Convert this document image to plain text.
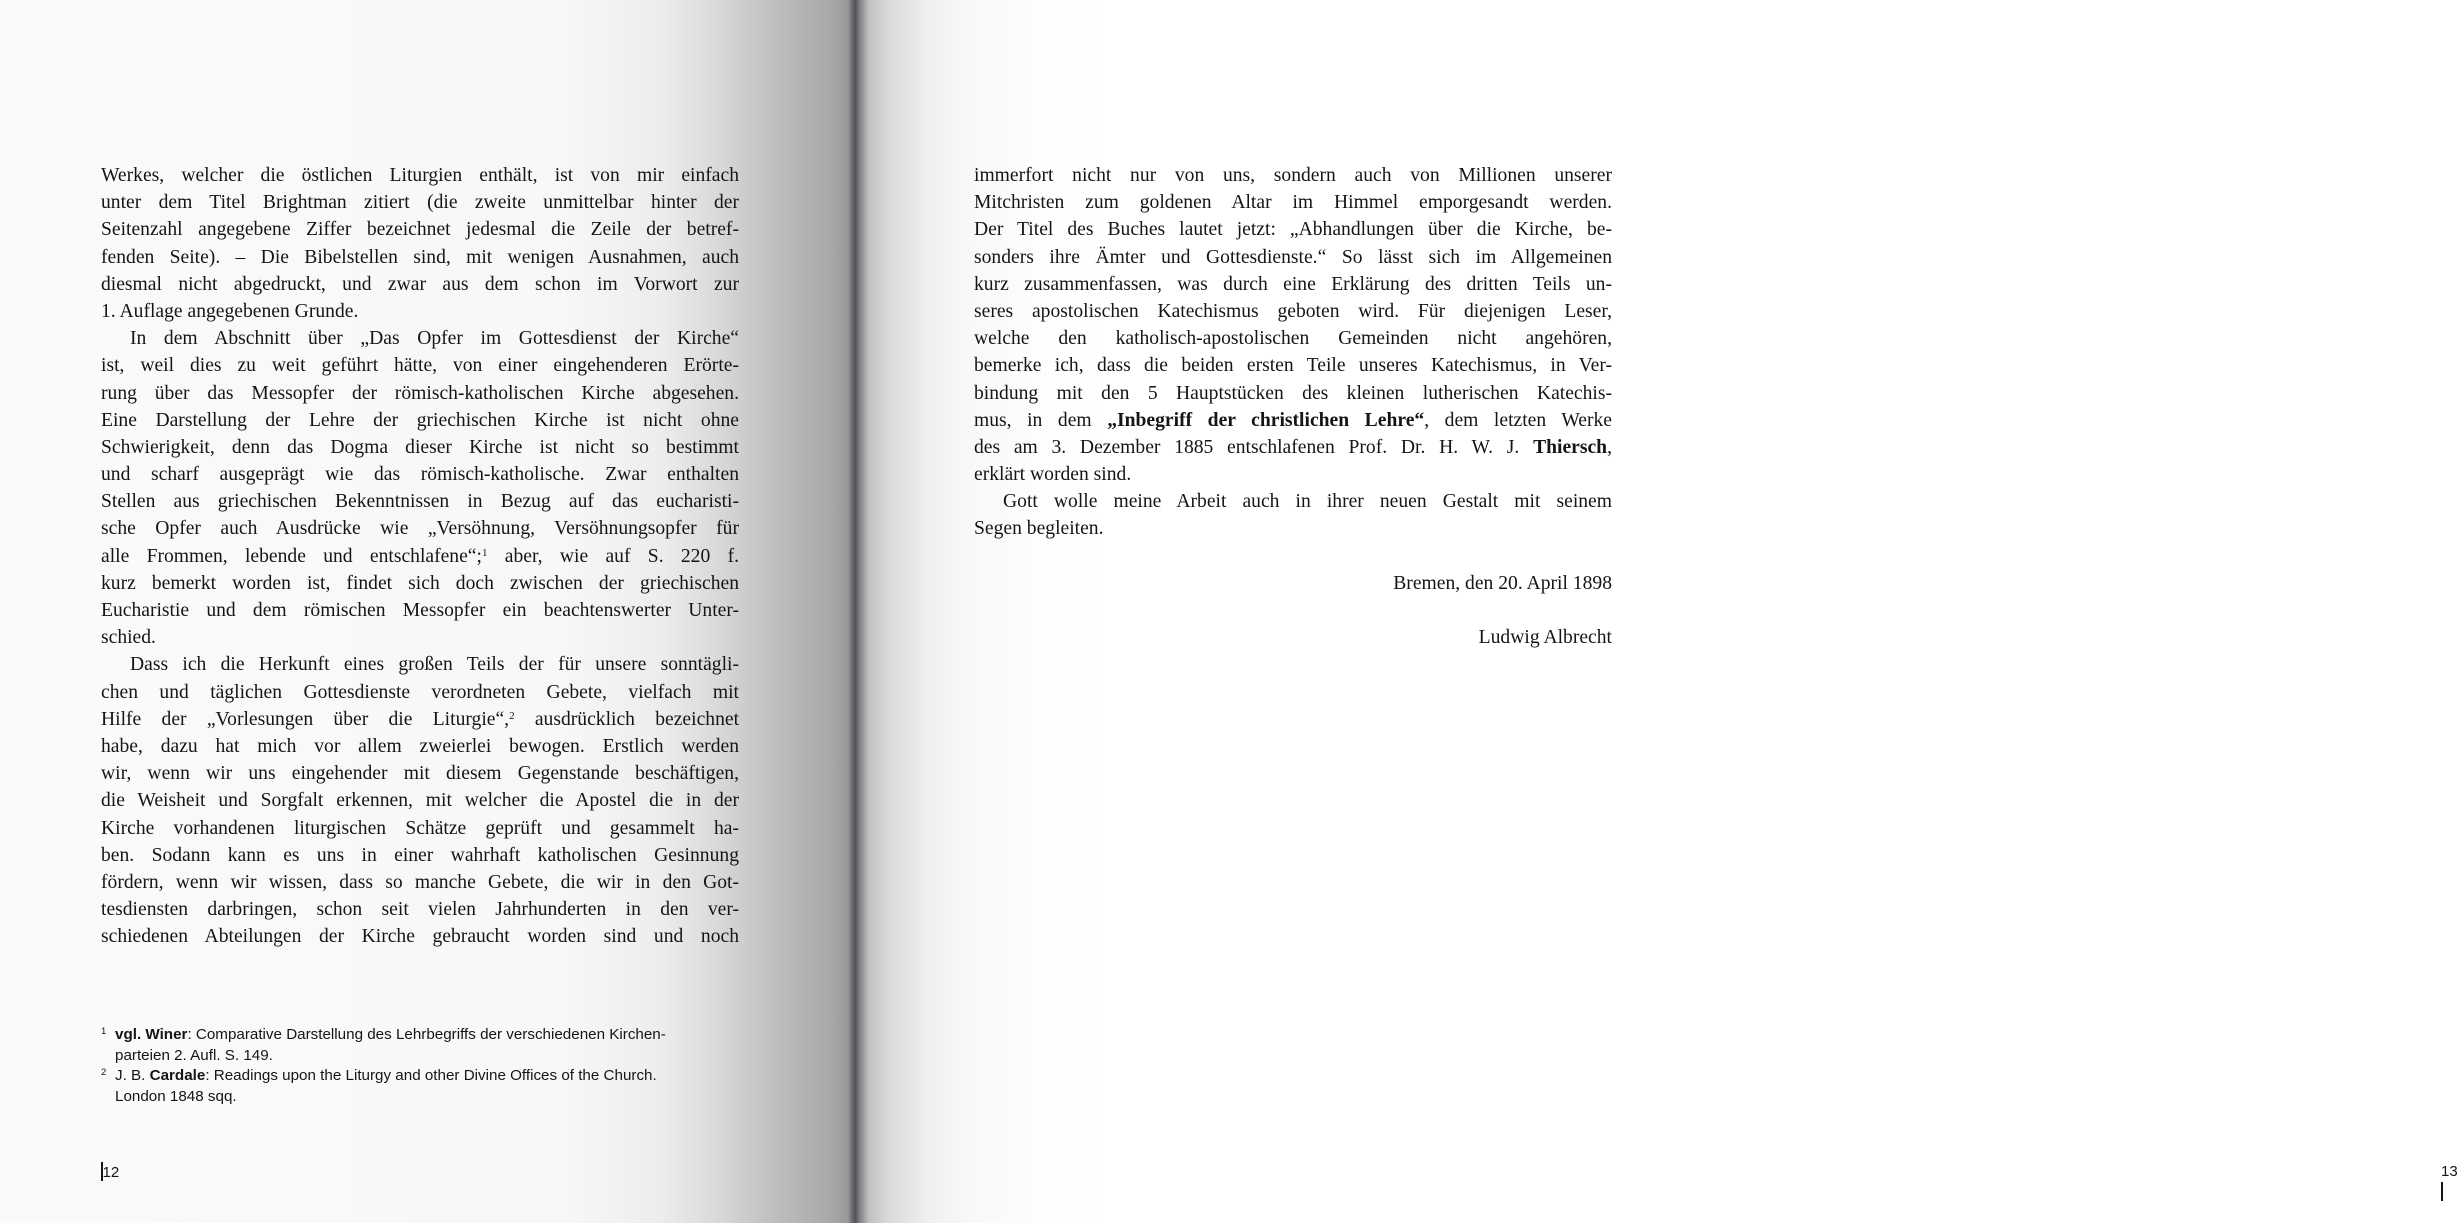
Werkes, welcher die östlichen Liturgien enthält, ist von mir einfach
unter dem Titel Brightman zitiert (die zweite unmittelbar hinter der
Seitenzahl angegebene Ziffer bezeichnet jedesmal die Zeile der betref-
fenden Seite). – Die Bibelstellen sind, mit wenigen Ausnahmen, auch
diesmal nicht abgedruckt, und zwar aus dem schon im Vorwort zur
1. Auflage angegebenen Grunde.
In dem Abschnitt über „Das Opfer im Gottesdienst der Kirche“
ist, weil dies zu weit geführt hätte, von einer eingehenderen Erörte-
rung über das Messopfer der römisch-katholischen Kirche abgesehen.
Eine Darstellung der Lehre der griechischen Kirche ist nicht ohne
Schwierigkeit, denn das Dogma dieser Kirche ist nicht so bestimmt
und scharf ausgeprägt wie das römisch-katholische. Zwar enthalten
Stellen aus griechischen Bekenntnissen in Bezug auf das eucharisti-
sche Opfer auch Ausdrücke wie „Versöhnung, Versöhnungsopfer für
alle Frommen, lebende und entschlafene“;$^1$ aber, wie auf S. 220 f.
kurz bemerkt worden ist, findet sich doch zwischen der griechischen
Eucharistie und dem römischen Messopfer ein beachtenswerter Unter-
schied.
Dass ich die Herkunft eines großen Teils der für unsere sonntägli-
chen und täglichen Gottesdienste verordneten Gebete, vielfach mit
Hilfe der „Vorlesungen über die Liturgie“,$^2$ ausdrücklich bezeichnet
habe, dazu hat mich vor allem zweierlei bewogen. Erstlich werden
wir, wenn wir uns eingehender mit diesem Gegenstande beschäftigen,
die Weisheit und Sorgfalt erkennen, mit welcher die Apostel die in der
Kirche vorhandenen liturgischen Schätze geprüft und gesammelt ha-
ben. Sodann kann es uns in einer wahrhaft katholischen Gesinnung
fördern, wenn wir wissen, dass so manche Gebete, die wir in den Got-
tesdiensten darbringen, schon seit vielen Jahrhunderten in den ver-
schiedenen Abteilungen der Kirche gebraucht worden sind und noch
1 vgl. Winer: Comparative Darstellung des Lehrbegriffs der verschiedenen Kirchen-
parteien 2. Aufl. S. 149.
2 J. B. Cardale: Readings upon the Liturgy and other Divine Offices of the Church.
London 1848 sqq.
12
immerfort nicht nur von uns, sondern auch von Millionen unserer
Mitchristen zum goldenen Altar im Himmel emporgesandt werden.
Der Titel des Buches lautet jetzt: „Abhandlungen über die Kirche, be-
sonders ihre Ämter und Gottesdienste.“ So lässt sich im Allgemeinen
kurz zusammenfassen, was durch eine Erklärung des dritten Teils un-
seres apostolischen Katechismus geboten wird. Für diejenigen Leser,
welche den katholisch-apostolischen Gemeinden nicht angehören,
bemerke ich, dass die beiden ersten Teile unseres Katechismus, in Ver-
bindung mit den 5 Hauptstücken des kleinen lutherischen Katechis-
mus, in dem „Inbegriff der christlichen Lehre“, dem letzten Werke
des am 3. Dezember 1885 entschlafenen Prof. Dr. H. W. J. Thiersch,
erklärt worden sind.
Gott wolle meine Arbeit auch in ihrer neuen Gestalt mit seinem
Segen begleiten.
Bremen, den 20. April 1898
Ludwig Albrecht
13
